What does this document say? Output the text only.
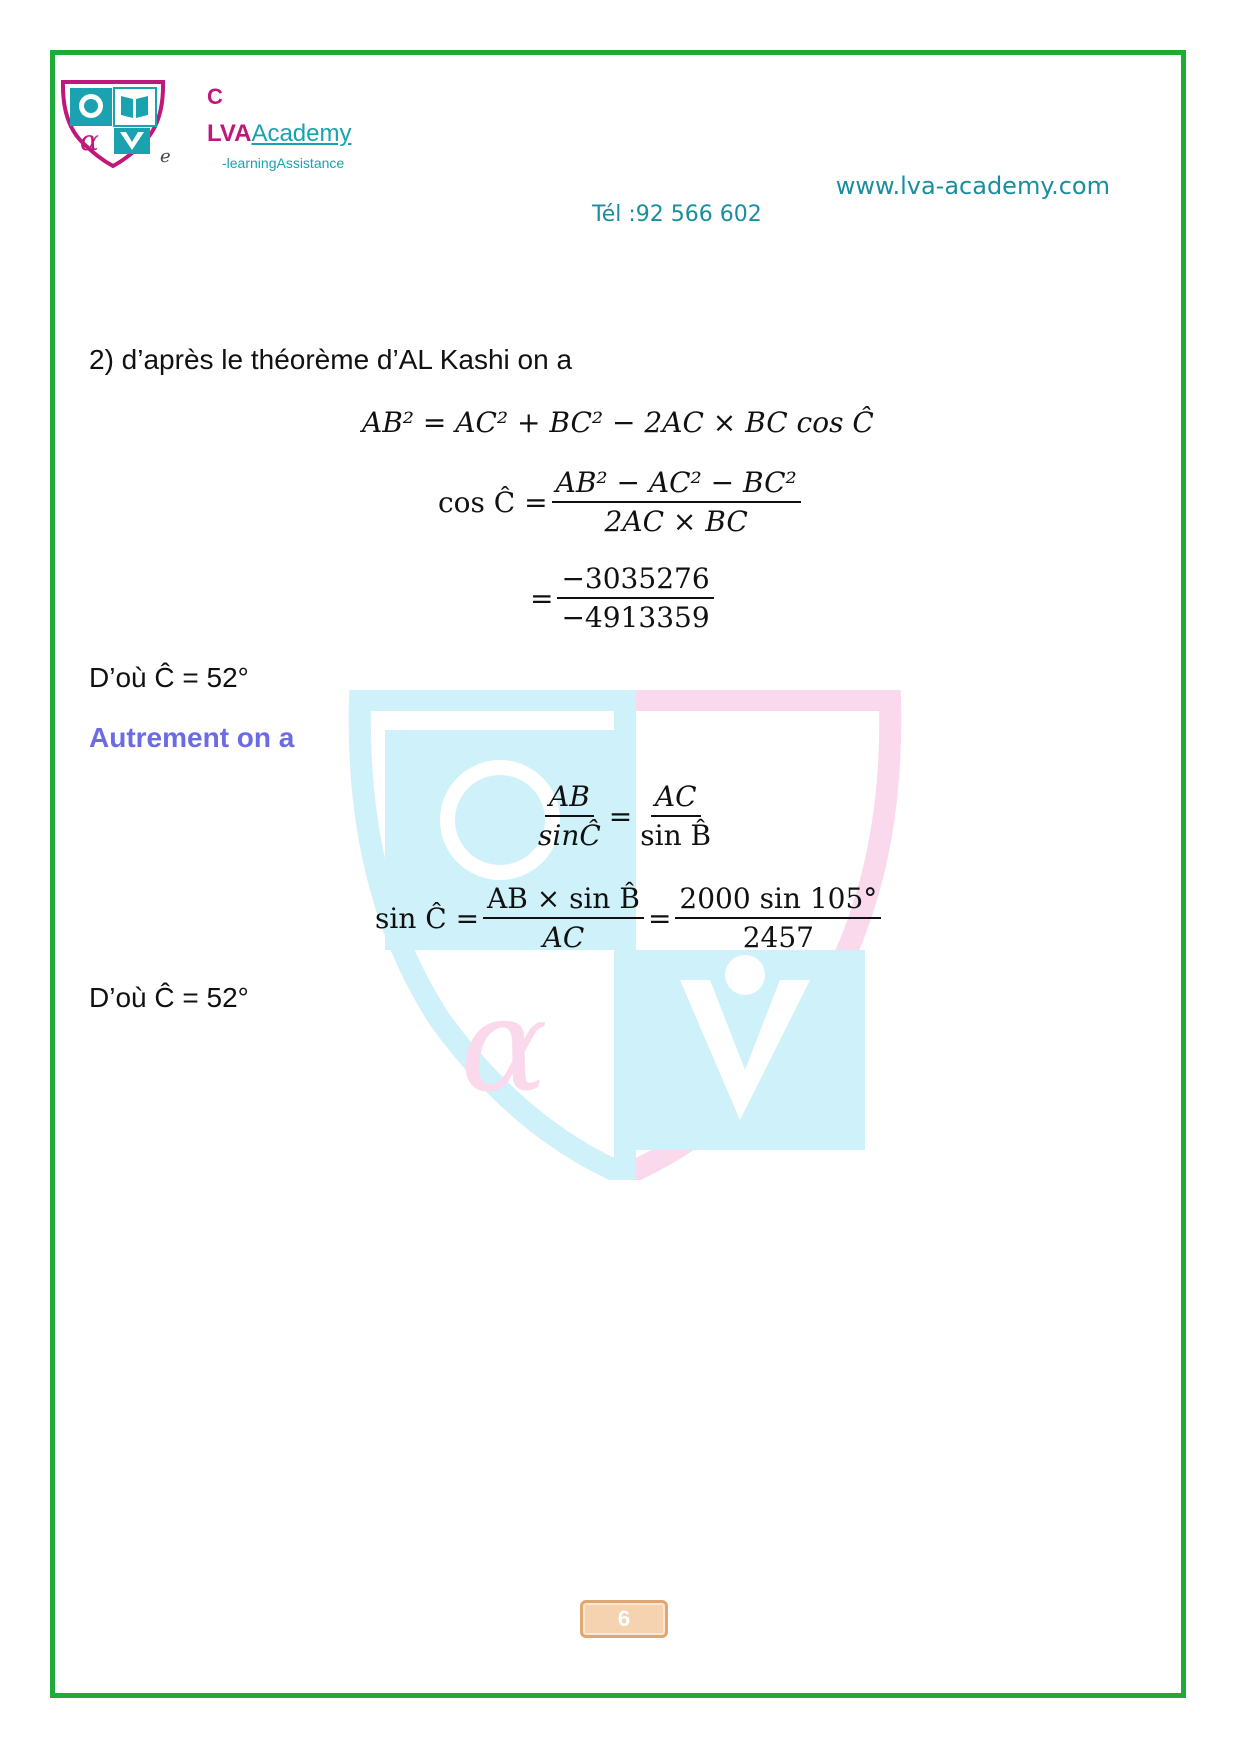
α
α	e
C
LVAAcademy
-learningAssistance
www.lva-academy.com
Tél :92 566 602
2) d’après le théorème d’AL Kashi on a
AB² = AC² + BC² − 2AC × BC cos Ĉ
cos Ĉ = $\frac{\text{AB² − AC² − BC²}}{2AC \times BC}$
= $\frac{-3035276}{-4913359}$
D’où Ĉ = 52°
Autrement on a
$\frac{AB}{\sin Ĉ} = \frac{AC}{\text{sin B̂}}$
sin Ĉ = $\frac{\text{AB × sin B̂}}{AC} = \frac{2000 \sin 105^\circ}{2457}$
D’où Ĉ = 52°
6
